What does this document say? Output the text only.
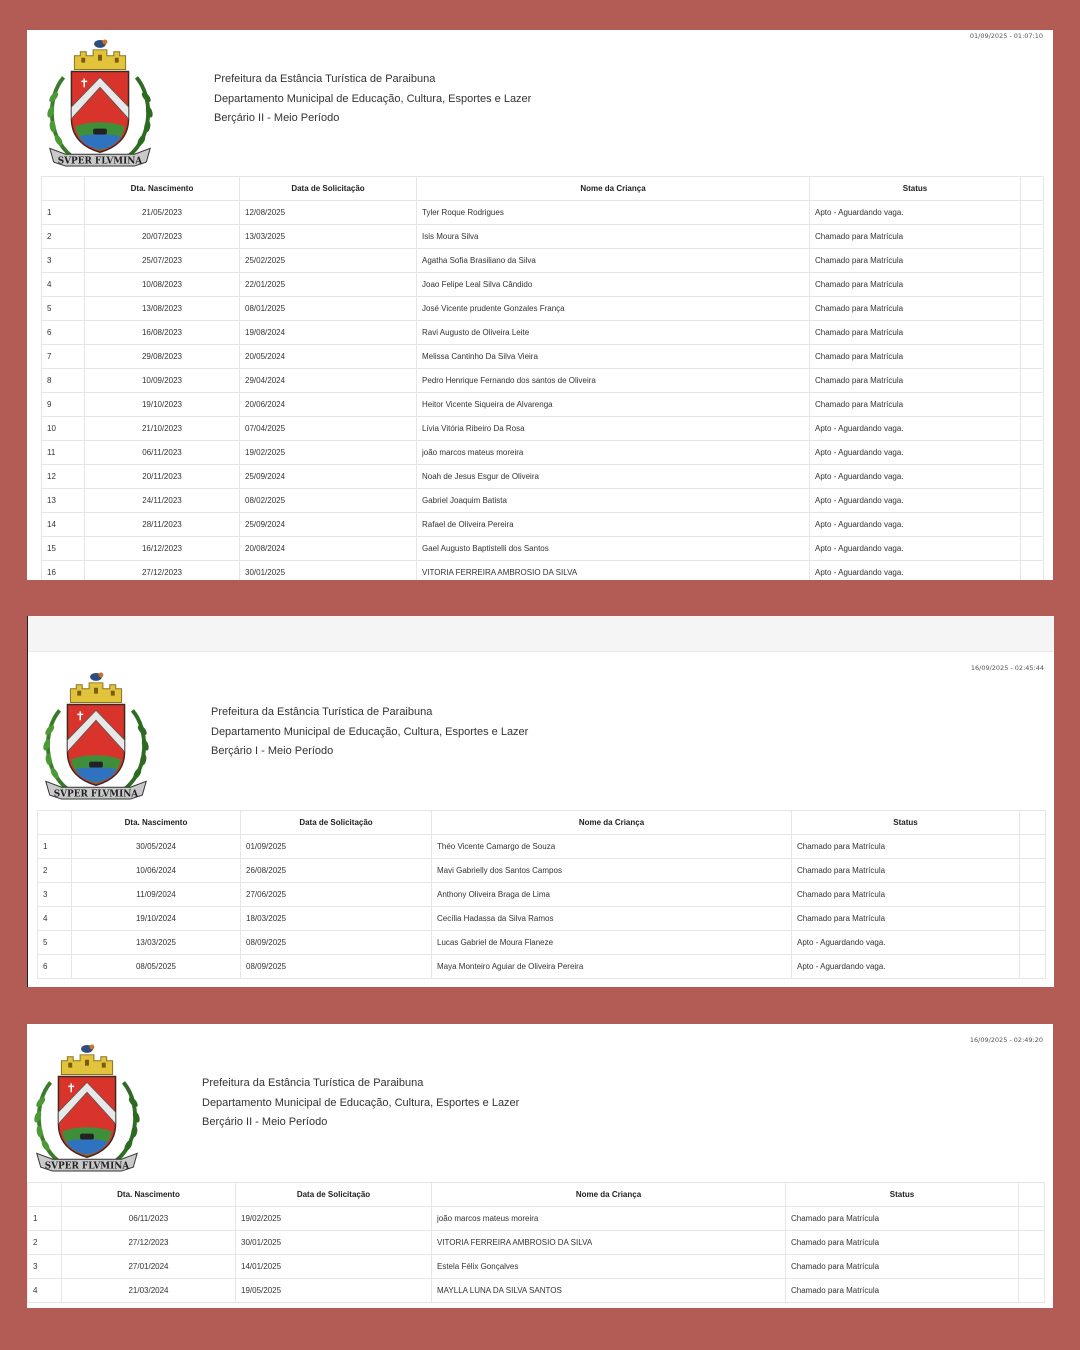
01/09/2025 - 01:07:10
SVPER FLVMINA
Prefeitura da Estância Turística de Paraibuna
Departamento Municipal de Educação, Cultura, Esportes e Lazer
Berçário II - Meio Período
	Dta. Nascimento	Data de Solicitação	Nome da Criança	Status	
1	21/05/2023	12/08/2025	Tyler Roque Rodrigues	Apto - Aguardando vaga.	
2	20/07/2023	13/03/2025	Isis Moura Silva	Chamado para Matrícula	
3	25/07/2023	25/02/2025	Agatha Sofia Brasiliano da Silva	Chamado para Matrícula	
4	10/08/2023	22/01/2025	Joao Felipe Leal Silva Cândido	Chamado para Matrícula	
5	13/08/2023	08/01/2025	José Vicente prudente Gonzales França	Chamado para Matrícula	
6	16/08/2023	19/08/2024	Ravi Augusto de Oliveira Leite	Chamado para Matrícula	
7	29/08/2023	20/05/2024	Melissa Cantinho Da Silva Vieira	Chamado para Matrícula	
8	10/09/2023	29/04/2024	Pedro Henrique Fernando dos santos de Oliveira	Chamado para Matrícula	
9	19/10/2023	20/06/2024	Heitor Vicente Siqueira de Alvarenga	Chamado para Matrícula	
10	21/10/2023	07/04/2025	Lívia Vitória Ribeiro Da Rosa	Apto - Aguardando vaga.	
11	06/11/2023	19/02/2025	joão marcos mateus moreira	Apto - Aguardando vaga.	
12	20/11/2023	25/09/2024	Noah de Jesus Esgur de Oliveira	Apto - Aguardando vaga.	
13	24/11/2023	08/02/2025	Gabriel Joaquim Batista	Apto - Aguardando vaga.	
14	28/11/2023	25/09/2024	Rafael de Oliveira Pereira	Apto - Aguardando vaga.	
15	16/12/2023	20/08/2024	Gael Augusto Baptistelli dos Santos	Apto - Aguardando vaga.	
16	27/12/2023	30/01/2025	VITORIA FERREIRA AMBROSIO DA SILVA	Apto - Aguardando vaga.	
16/09/2025 - 02:45:44
SVPER FLVMINA
Prefeitura da Estância Turística de Paraibuna
Departamento Municipal de Educação, Cultura, Esportes e Lazer
Berçário I - Meio Período
	Dta. Nascimento	Data de Solicitação	Nome da Criança	Status	
1	30/05/2024	01/09/2025	Théo Vicente Camargo de Souza	Chamado para Matrícula	
2	10/06/2024	26/08/2025	Mavi Gabrielly dos Santos Campos	Chamado para Matrícula	
3	11/09/2024	27/06/2025	Anthony Oliveira Braga de Lima	Chamado para Matrícula	
4	19/10/2024	18/03/2025	Cecília Hadassa da Silva Ramos	Chamado para Matrícula	
5	13/03/2025	08/09/2025	Lucas Gabriel de Moura Flaneze	Apto - Aguardando vaga.	
6	08/05/2025	08/09/2025	Maya Monteiro Aguiar de Oliveira Pereira	Apto - Aguardando vaga.	
16/09/2025 - 02:49:20
SVPER FLVMINA
Prefeitura da Estância Turística de Paraibuna
Departamento Municipal de Educação, Cultura, Esportes e Lazer
Berçário II - Meio Período
	Dta. Nascimento	Data de Solicitação	Nome da Criança	Status	
1	06/11/2023	19/02/2025	joão marcos mateus moreira	Chamado para Matrícula	
2	27/12/2023	30/01/2025	VITORIA FERREIRA AMBROSIO DA SILVA	Chamado para Matrícula	
3	27/01/2024	14/01/2025	Estela Félix Gonçalves	Chamado para Matrícula	
4	21/03/2024	19/05/2025	MAYLLA LUNA DA SILVA SANTOS	Chamado para Matrícula	
